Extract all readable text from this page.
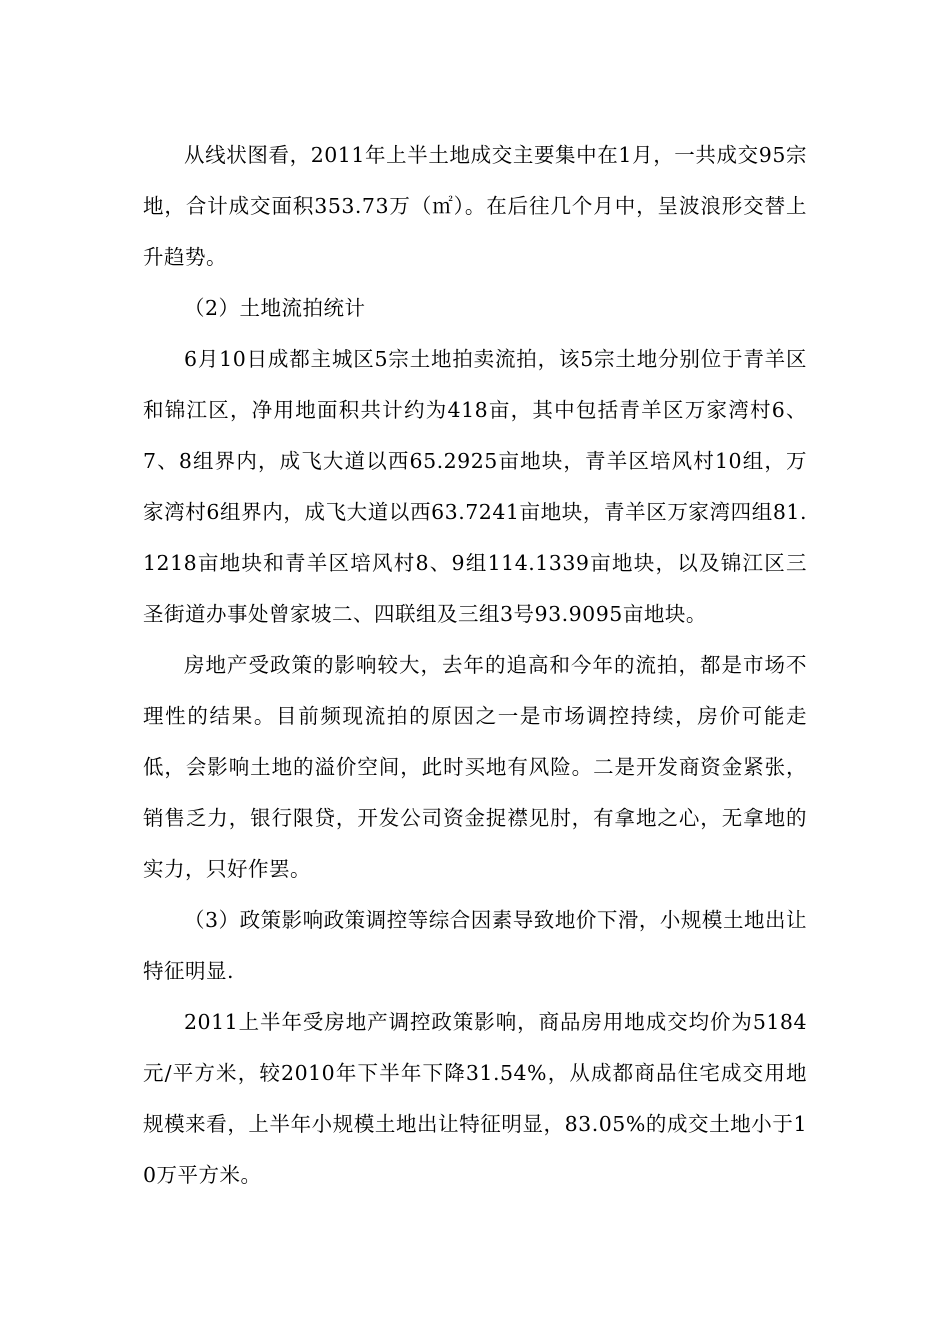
从线状图看，2011年上半土地成交主要集中在1月，一共成交95宗地，合计成交面积353.73万（㎡）。在后往几个月中，呈波浪形交替上升趋势。

（2）土地流拍统计

6月10日成都主城区5宗土地拍卖流拍，该5宗土地分别位于青羊区和锦江区，净用地面积共计约为418亩，其中包括青羊区万家湾村6、7、8组界内，成飞大道以西65.2925亩地块，青羊区培风村10组，万家湾村6组界内，成飞大道以西63.7241亩地块，青羊区万家湾四组81.1218亩地块和青羊区培风村8、9组114.1339亩地块，以及锦江区三圣街道办事处曾家坡二、四联组及三组3号93.9095亩地块。

房地产受政策的影响较大，去年的追高和今年的流拍，都是市场不理性的结果。目前频现流拍的原因之一是市场调控持续，房价可能走低，会影响土地的溢价空间，此时买地有风险。二是开发商资金紧张，销售乏力，银行限贷，开发公司资金捉襟见肘，有拿地之心，无拿地的实力，只好作罢。

（3）政策影响政策调控等综合因素导致地价下滑，小规模土地出让特征明显.

2011上半年受房地产调控政策影响，商品房用地成交均价为5184元/平方米，较2010年下半年下降31.54%，从成都商品住宅成交用地规模来看，上半年小规模土地出让特征明显，83.05%的成交土地小于10万平方米。
